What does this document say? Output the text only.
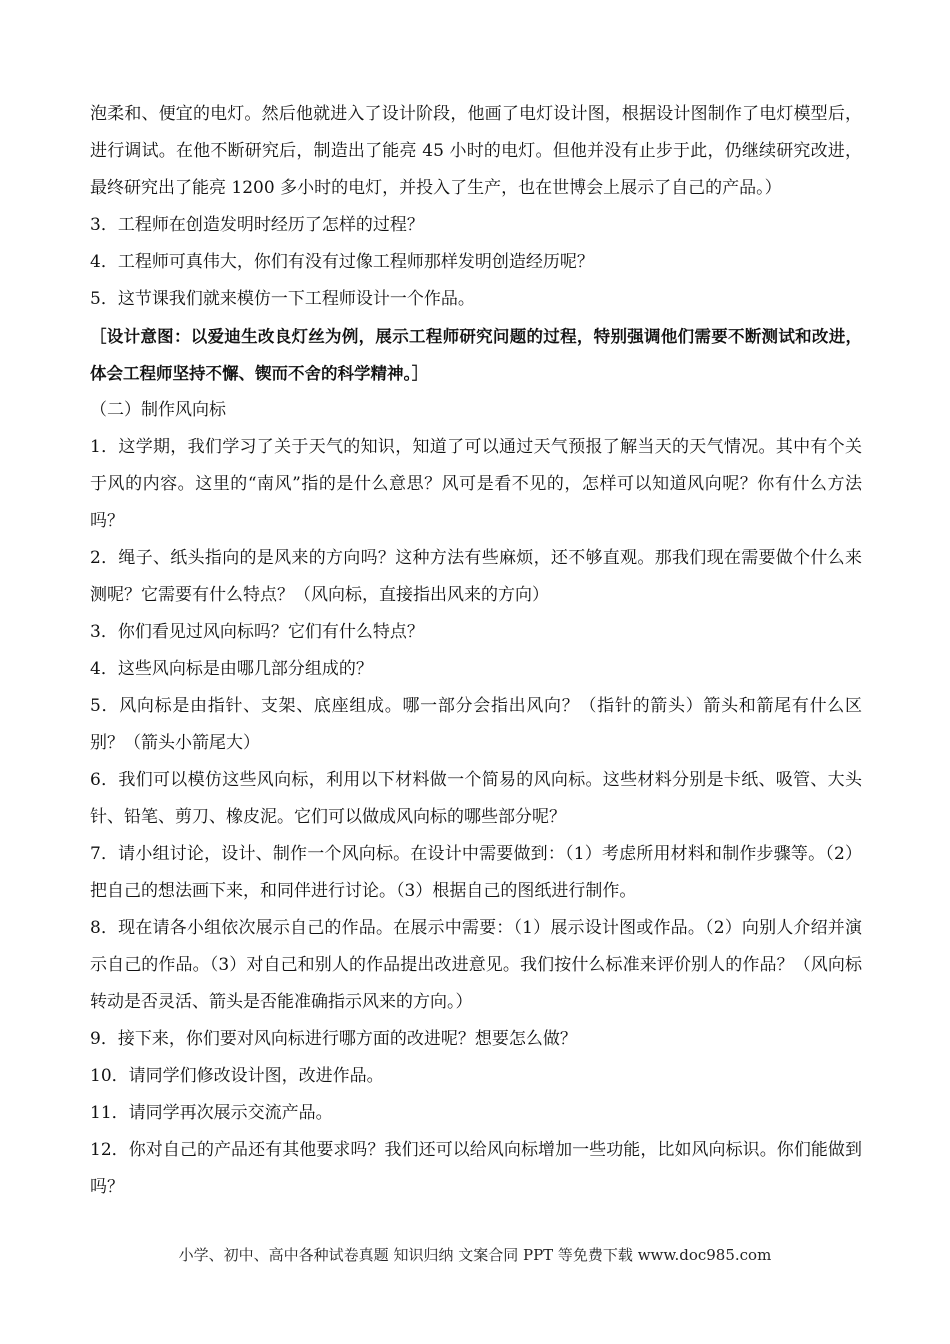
泡柔和、便宜的电灯。然后他就进入了设计阶段，他画了电灯设计图，根据设计图制作了电灯模型后，进行调试。在他不断研究后，制造出了能亮 45 小时的电灯。但他并没有止步于此，仍继续研究改进，最终研究出了能亮 1200 多小时的电灯，并投入了生产，也在世博会上展示了自己的产品。）

3．工程师在创造发明时经历了怎样的过程？

4．工程师可真伟大，你们有没有过像工程师那样发明创造经历呢？

5．这节课我们就来模仿一下工程师设计一个作品。

［设计意图：以爱迪生改良灯丝为例，展示工程师研究问题的过程，特别强调他们需要不断测试和改进，体会工程师坚持不懈、锲而不舍的科学精神。］

（二）制作风向标

1．这学期，我们学习了关于天气的知识，知道了可以通过天气预报了解当天的天气情况。其中有个关于风的内容。这里的“南风”指的是什么意思？风可是看不见的，怎样可以知道风向呢？你有什么方法吗？

2．绳子、纸头指向的是风来的方向吗？这种方法有些麻烦，还不够直观。那我们现在需要做个什么来测呢？它需要有什么特点？（风向标，直接指出风来的方向）

3．你们看见过风向标吗？它们有什么特点？

4．这些风向标是由哪几部分组成的？

5．风向标是由指针、支架、底座组成。哪一部分会指出风向？（指针的箭头）箭头和箭尾有什么区别？（箭头小箭尾大）

6．我们可以模仿这些风向标，利用以下材料做一个简易的风向标。这些材料分别是卡纸、吸管、大头针、铅笔、剪刀、橡皮泥。它们可以做成风向标的哪些部分呢？

7．请小组讨论，设计、制作一个风向标。在设计中需要做到：（1）考虑所用材料和制作步骤等。（2）把自己的想法画下来，和同伴进行讨论。（3）根据自己的图纸进行制作。

8．现在请各小组依次展示自己的作品。在展示中需要：（1）展示设计图或作品。（2）向别人介绍并演示自己的作品。（3）对自己和别人的作品提出改进意见。我们按什么标准来评价别人的作品？（风向标转动是否灵活、箭头是否能准确指示风来的方向。）

9．接下来，你们要对风向标进行哪方面的改进呢？想要怎么做？

10．请同学们修改设计图，改进作品。

11．请同学再次展示交流产品。

12．你对自己的产品还有其他要求吗？我们还可以给风向标增加一些功能，比如风向标识。你们能做到吗？

小学、初中、高中各种试卷真题 知识归纳 文案合同 PPT 等免费下载 www.doc985.com
